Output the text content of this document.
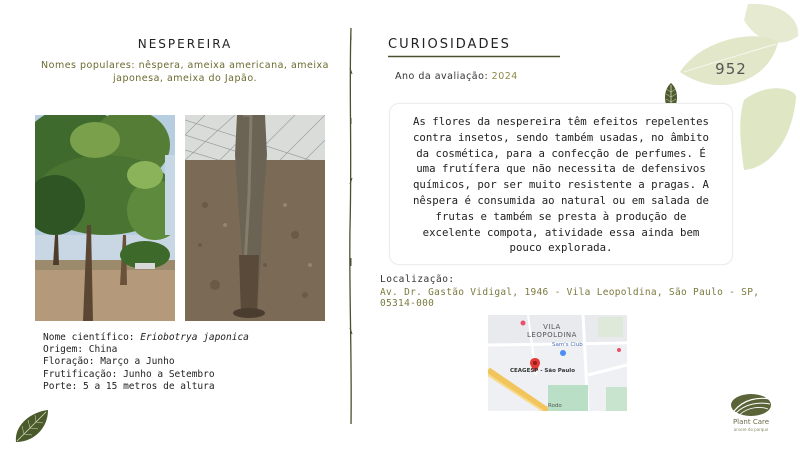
NESPEREIRA
Nomes populares: nêspera, ameixa americana, ameixa japonesa, ameixa do Japão.
Nome científico: Eriobotrya japonica
Origem: China
Floração: Março a Junho
Frutificação: Junho a Setembro
Porte: 5 a 15 metros de altura
CURIOSIDADES
Ano da avaliação: 2024	952

As flores da nespereira têm efeitos repelentes contra insetos, sendo também usadas, no âmbito da cosmética, para a confecção de perfumes. É uma frutífera que não necessita de defensivos químicos, por ser muito resistente a pragas. A nêspera é consumida ao natural ou em salada de frutas e também se presta à produção de excelente compota, atividade essa ainda bem pouco explorada.

Localização:
Av. Dr. Gastão Vidigal, 1946 - Vila Leopoldina, São Paulo - SP, 05314-000
VILA LEOPOLDINA
Sam's Club
CEAGESP - São Paulo
Rodo
Plant Care
arvore do parque
